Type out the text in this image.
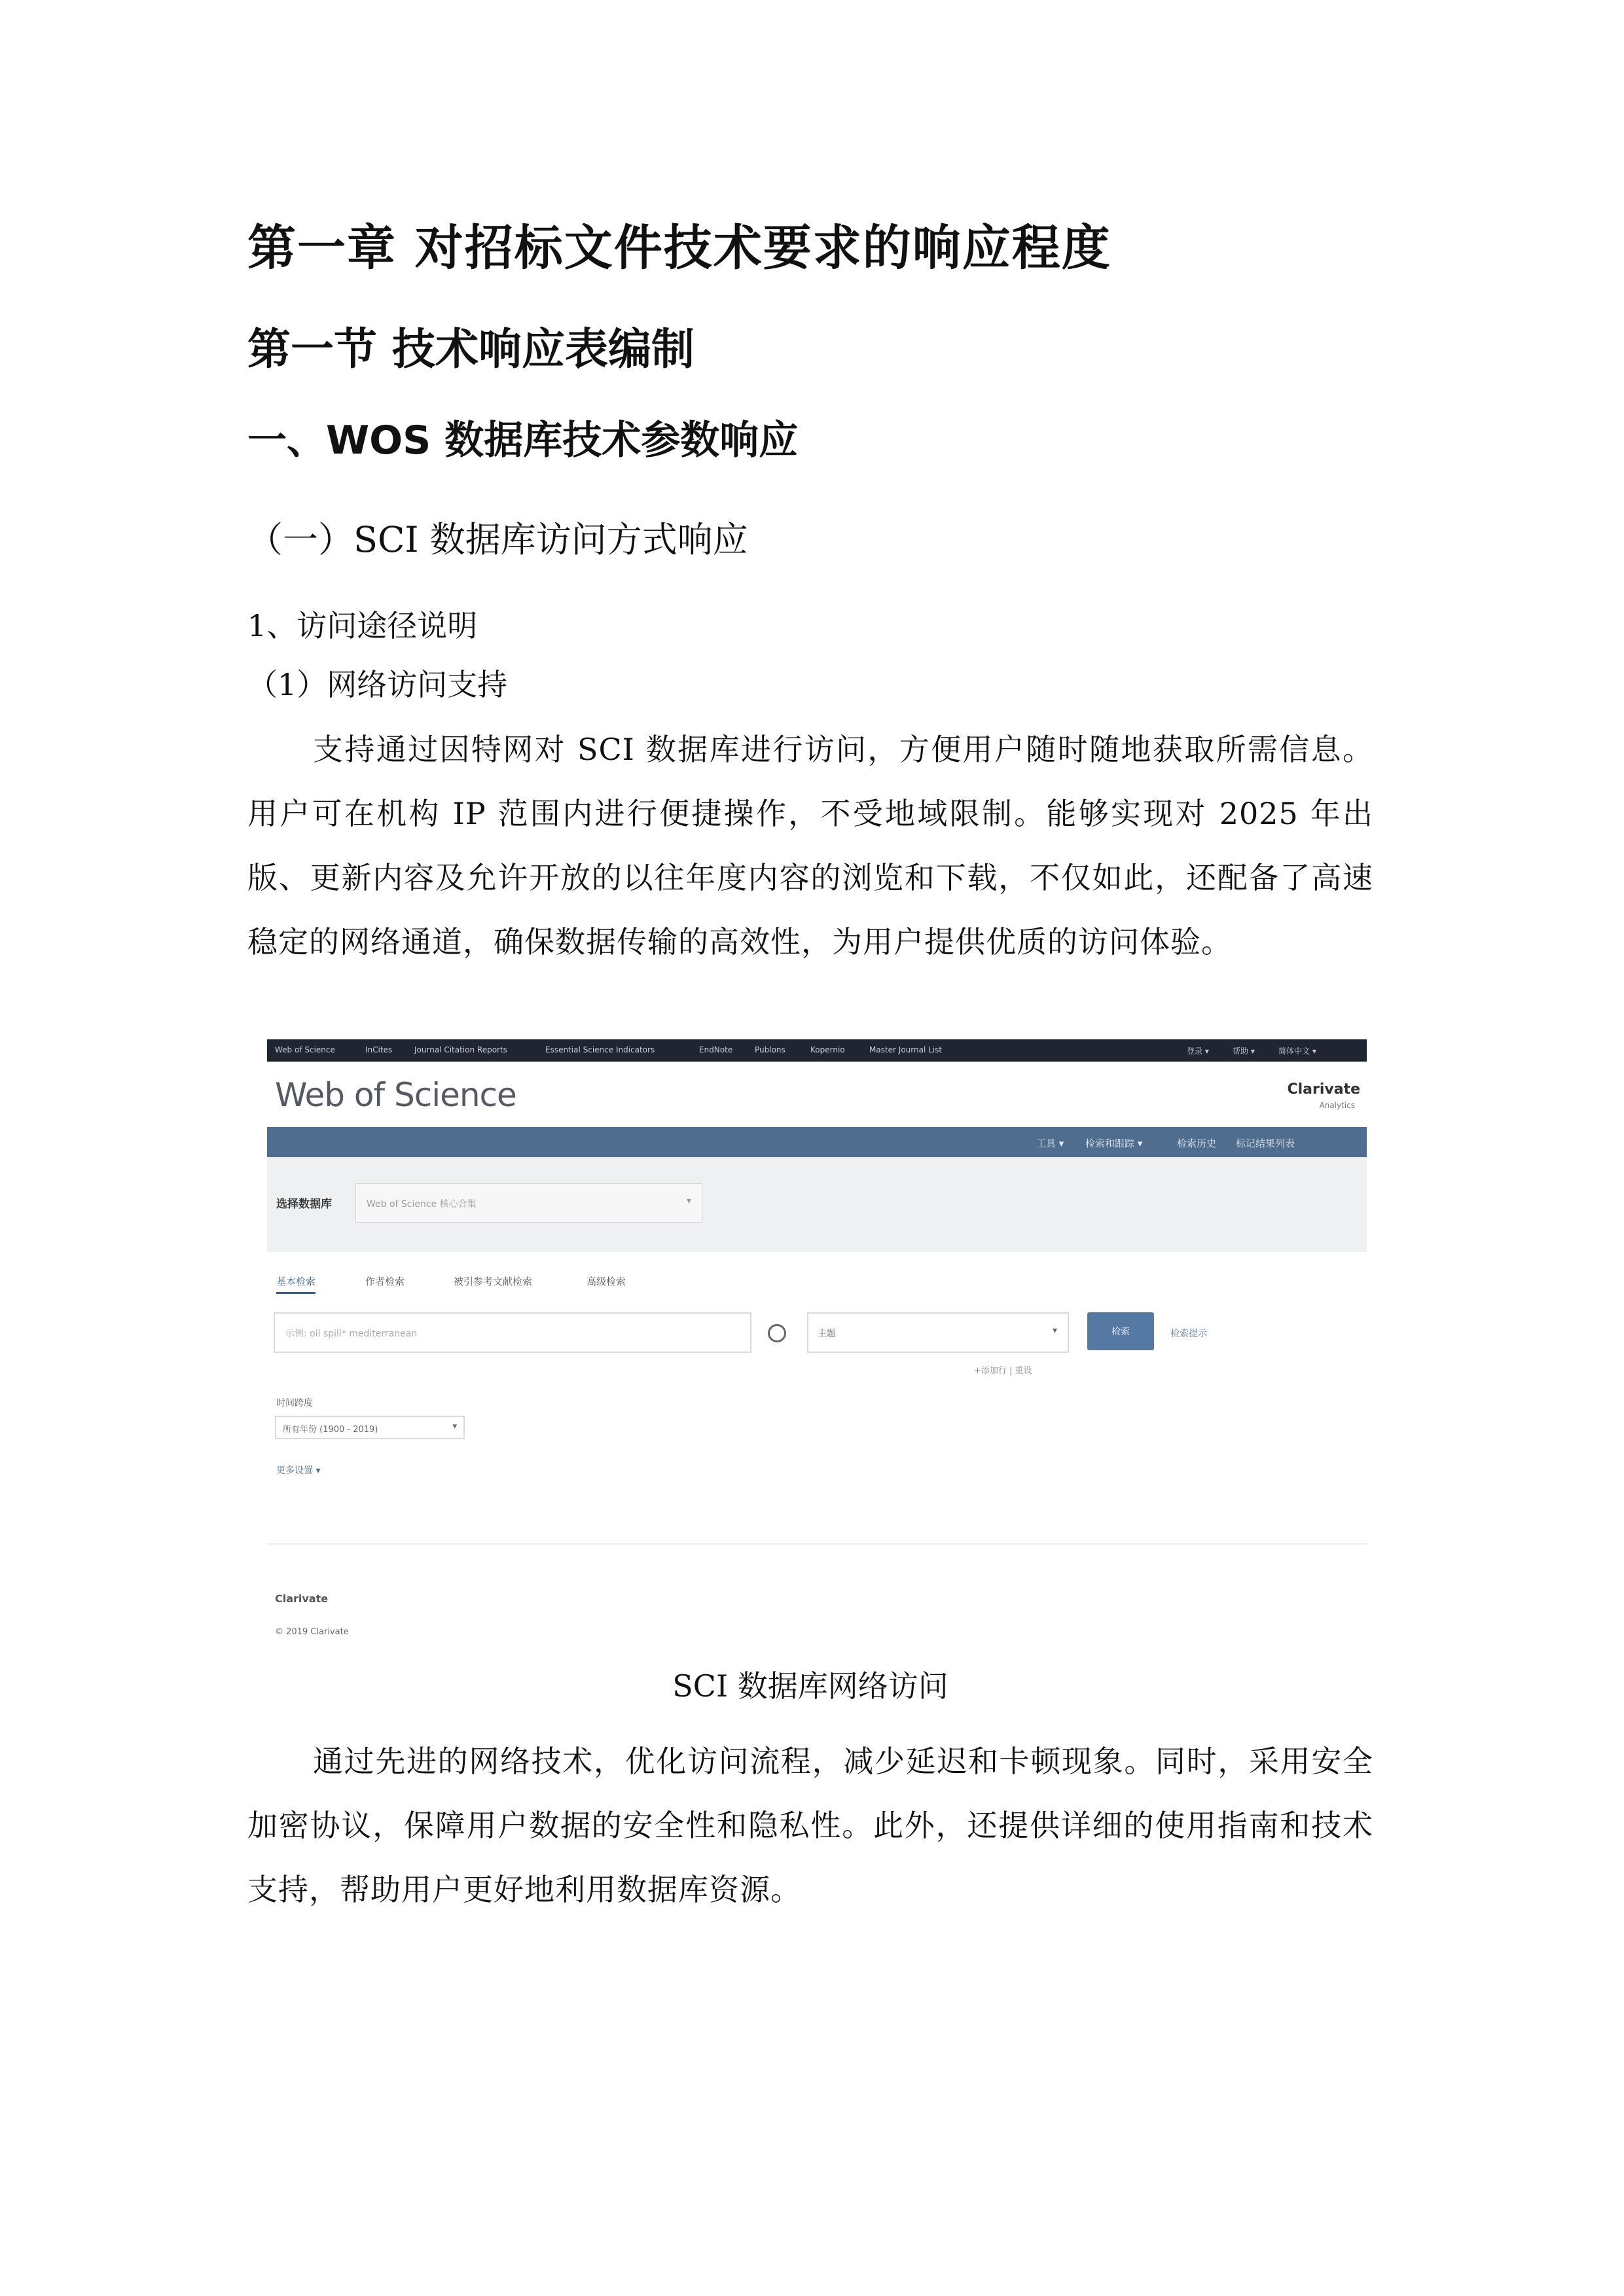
第一章 对招标文件技术要求的响应程度
第一节 技术响应表编制
一、WOS 数据库技术参数响应
（一）SCI 数据库访问方式响应
1、访问途径说明
（1）网络访问支持
支持通过因特网对 SCI 数据库进行访问，方便用户随时随地获取所需信息。用户可在机构 IP 范围内进行便捷操作，不受地域限制。能够实现对 2025 年出版、更新内容及允许开放的以往年度内容的浏览和下载，不仅如此，还配备了高速稳定的网络通道，确保数据传输的高效性，为用户提供优质的访问体验。
Web of Science	InCites	Journal Citation Reports	Essential Science Indicators	EndNote	Publons	Kopernio	Master Journal List	登录 ▾	帮助 ▾	简体中文 ▾
Web of Science	Clarivate
Analytics
工具 ▾ 检索和跟踪 ▾	检索历史 标记结果列表
选择数据库	Web of Science 核心合集	▾
基本检索	作者检索	被引参考文献检索	高级检索
示例: oil spill* mediterranean	主题	▾	检索	检索提示
+添加行 | 重设
时间跨度
所有年份 (1900 - 2019)	▾
更多设置 ▾
Clarivate
© 2019 Clarivate
SCI 数据库网络访问
通过先进的网络技术，优化访问流程，减少延迟和卡顿现象。同时，采用安全加密协议，保障用户数据的安全性和隐私性。此外，还提供详细的使用指南和技术支持，帮助用户更好地利用数据库资源。
